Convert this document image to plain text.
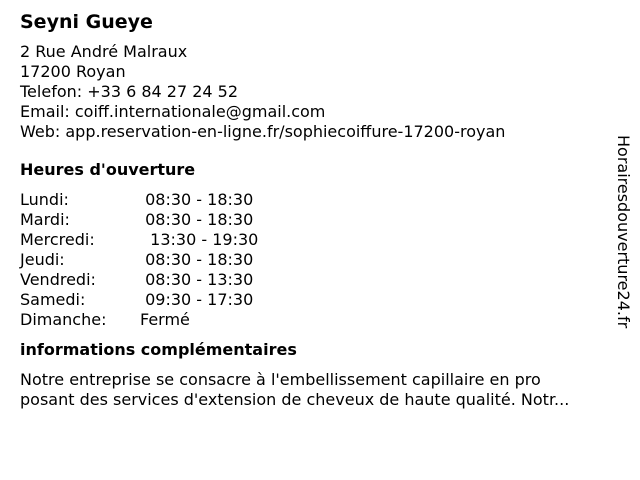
Seyni Gueye
2 Rue André Malraux
17200 Royan
Telefon: +33 6 84 27 24 52
Email: coiff.internationale@gmail.com
Web: app.reservation-en-ligne.fr/sophiecoiffure-17200-royan
Heures d'ouverture
Lundi:	08:30 - 18:30
Mardi:	08:30 - 18:30
Mercredi:	13:30 - 19:30
Jeudi:	08:30 - 18:30
Vendredi:	08:30 - 13:30
Samedi:	09:30 - 17:30
Dimanche:	Fermé
informations complémentaires
Notre entreprise se consacre à l'embellissement capillaire en pro
posant des services d'extension de cheveux de haute qualité. Notr...
Horairesdouverture24.fr
